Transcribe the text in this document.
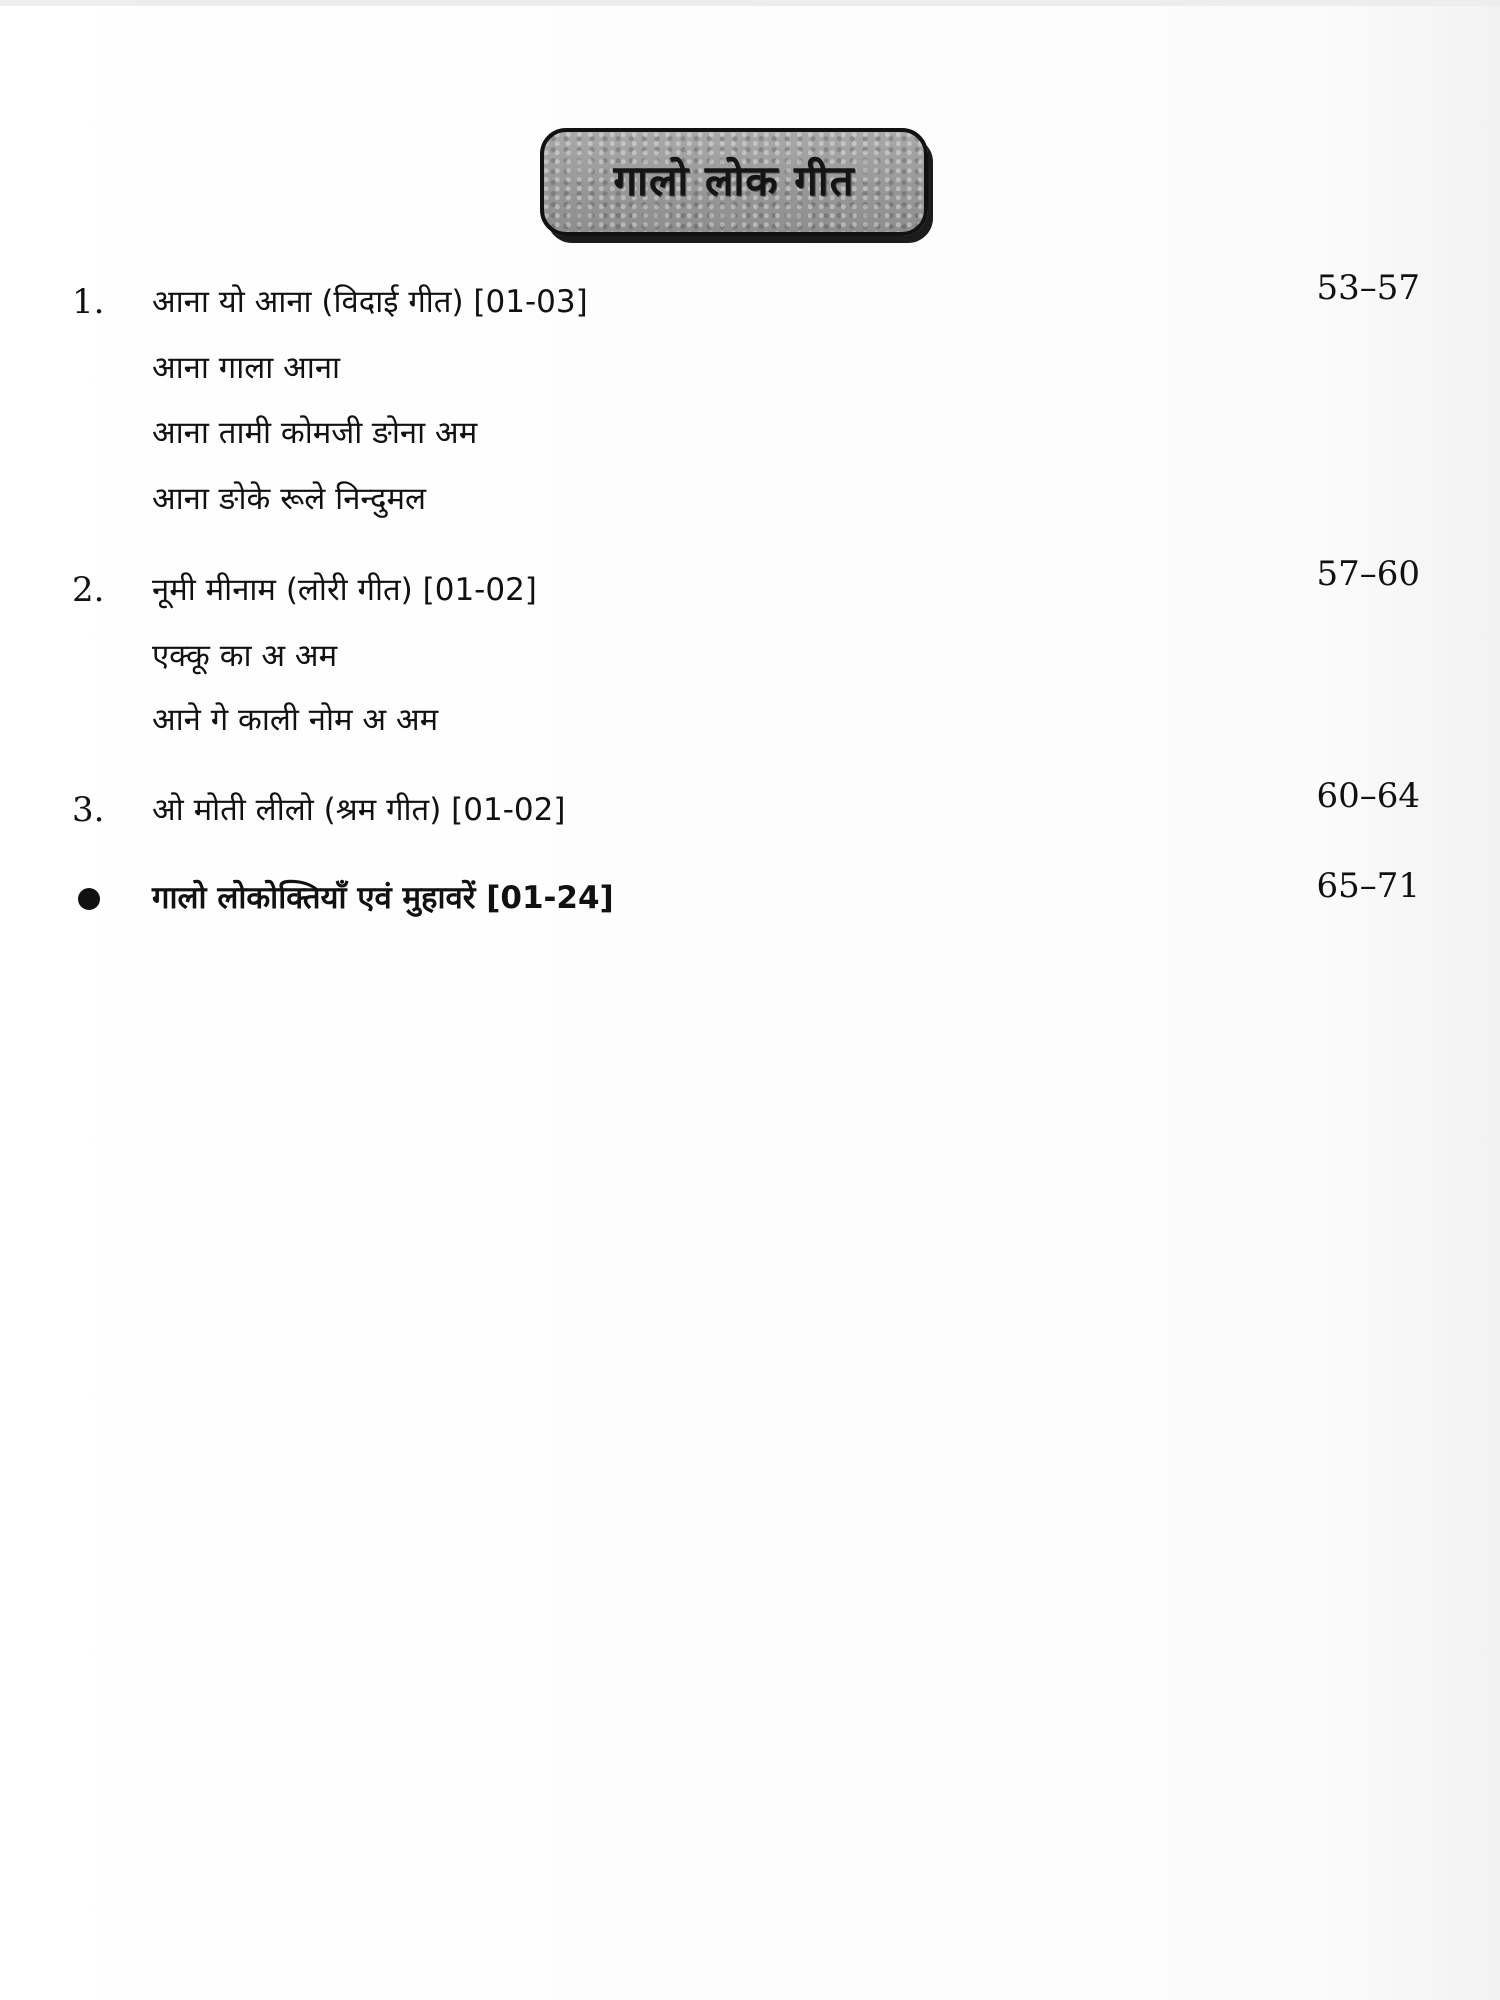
गालो लोक गीत
1. आना यो आना (विदाई गीत) [01-03]	53–57
आना गाला आना
आना तामी कोमजी ङोना अम
आना ङोके रूले निन्दुमल
2. नूमी मीनाम (लोरी गीत) [01-02]	57–60
एक्कू का अ अम
आने गे काली नोम अ अम
3. ओ मोती लीलो (श्रम गीत) [01-02]	60–64
गालो लोकोक्तियाँ एवं मुहावरें [01-24]	65–71
